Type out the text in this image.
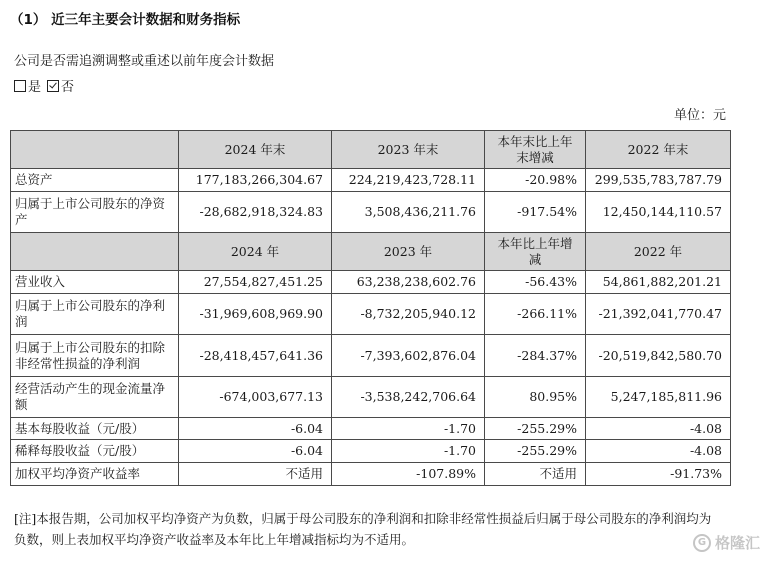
（1） 近三年主要会计数据和财务指标
公司是否需追溯调整或重述以前年度会计数据
是 否
单位：元
	2024 年末	2023 年末	本年末比上年末增减	2022 年末
总资产	177,183,266,304.67	224,219,423,728.11	-20.98%	299,535,783,787.79
归属于上市公司股东的净资产	-28,682,918,324.83	3,508,436,211.76	-917.54%	12,450,144,110.57
	2024 年	2023 年	本年比上年增减	2022 年
营业收入	27,554,827,451.25	63,238,238,602.76	-56.43%	54,861,882,201.21
归属于上市公司股东的净利润	-31,969,608,969.90	-8,732,205,940.12	-266.11%	-21,392,041,770.47
归属于上市公司股东的扣除非经常性损益的净利润	-28,418,457,641.36	-7,393,602,876.04	-284.37%	-20,519,842,580.70
经营活动产生的现金流量净额	-674,003,677.13	-3,538,242,706.64	80.95%	5,247,185,811.96
基本每股收益（元/股）	-6.04	-1.70	-255.29%	-4.08
稀释每股收益（元/股）	-6.04	-1.70	-255.29%	-4.08
加权平均净资产收益率	不适用	-107.89%	不适用	-91.73%
[注]本报告期，公司加权平均净资产为负数，归属于母公司股东的净利润和扣除非经常性损益后归属于母公司股东的净利润均为负数，则上表加权平均净资产收益率及本年比上年增减指标均为不适用。	G 格隆汇
